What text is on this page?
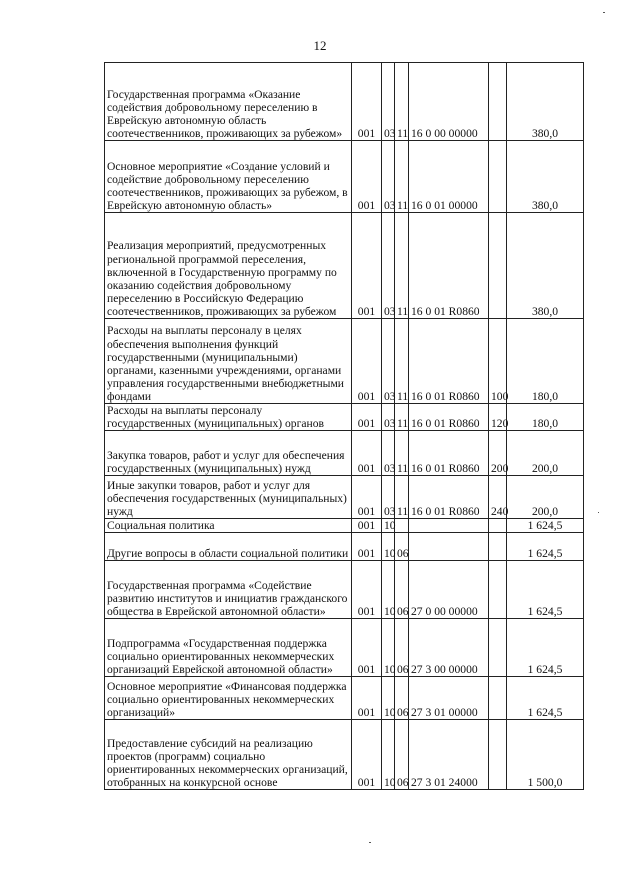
12
Государственная программа «Оказание содействия добровольному переселению в Еврейскую автономную область соотечественников, проживающих за рубежом»	001	03	11	16 0 00 00000		380,0
Основное мероприятие «Создание условий и содействие добровольному переселению соотечественников, проживающих за рубежом, в Еврейскую автономную область»	001	03	11	16 0 01 00000		380,0
Реализация мероприятий, предусмотренных региональной программой переселения, включенной в Государственную программу по оказанию содействия добровольному переселению в Российскую Федерацию соотечественников, проживающих за рубежом	001	03	11	16 0 01 R0860		380,0
Расходы на выплаты персоналу в целях обеспечения выполнения функций государственными (муниципальными) органами, казенными учреждениями, органами управления государственными внебюджетными фондами	001	03	11	16 0 01 R0860	100	180,0
Расходы на выплаты персоналу государственных (муниципальных) органов	001	03	11	16 0 01 R0860	120	180,0
Закупка товаров, работ и услуг для обеспечения государственных (муниципальных) нужд	001	03	11	16 0 01 R0860	200	200,0
Иные закупки товаров, работ и услуг для обеспечения государственных (муниципальных) нужд	001	03	11	16 0 01 R0860	240	200,0
Социальная политика	001	10				1 624,5
Другие вопросы в области социальной политики	001	10	06			1 624,5
Государственная программа «Содействие развитию институтов и инициатив гражданского общества в Еврейской автономной области»	001	10	06	27 0 00 00000		1 624,5
Подпрограмма «Государственная поддержка социально ориентированных некоммерческих организаций Еврейской автономной области»	001	10	06	27 3 00 00000		1 624,5
Основное мероприятие «Финансовая поддержка социально ориентированных некоммерческих организаций»	001	10	06	27 3 01 00000		1 624,5
Предоставление субсидий на реализацию проектов (программ) социально ориентированных некоммерческих организаций, отобранных на конкурсной основе	001	10	06	27 3 01 24000		1 500,0
